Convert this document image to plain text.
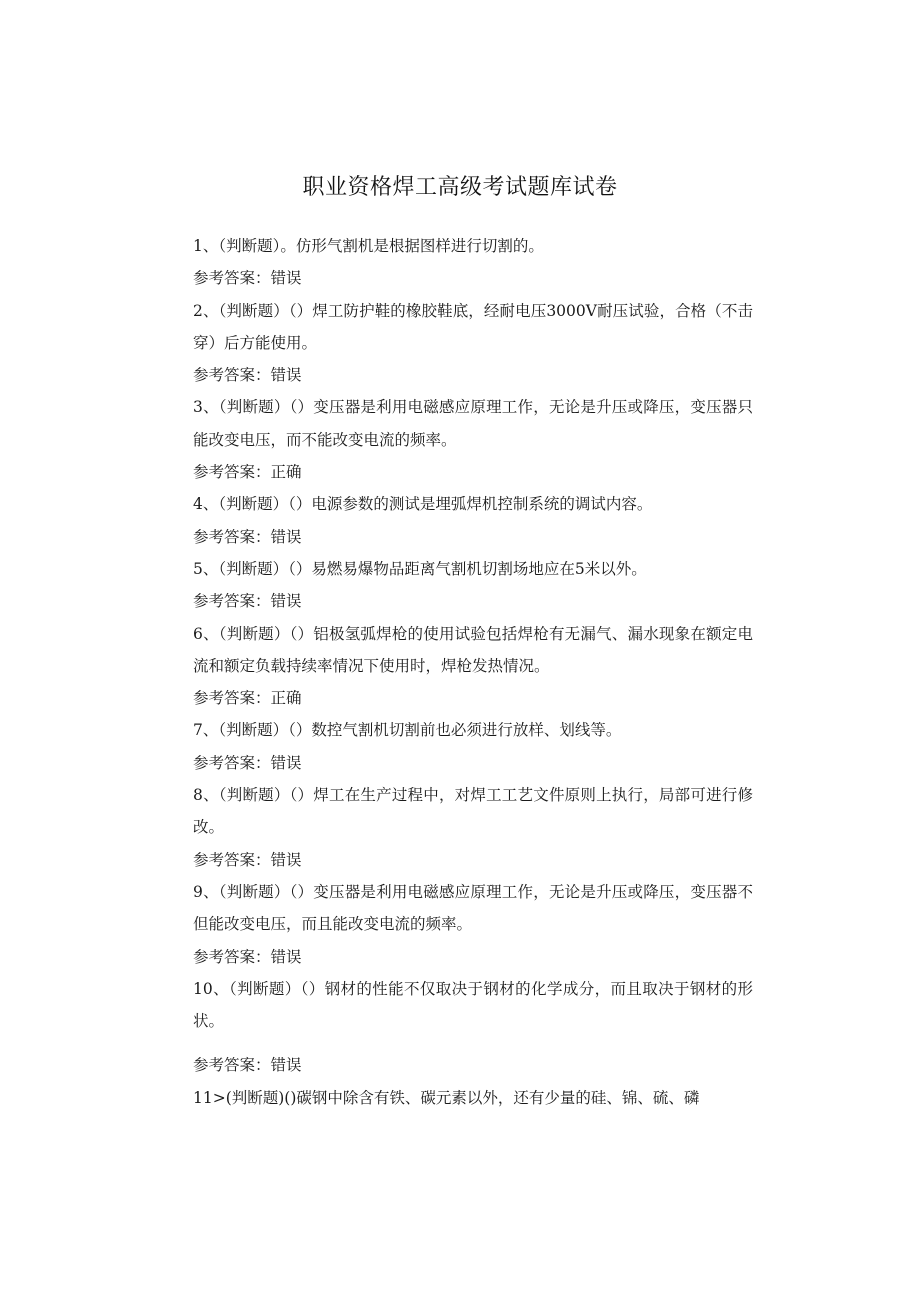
职业资格焊工高级考试题库试卷
1、（判断题）。仿形气割机是根据图样进行切割的。
参考答案：错误
2、（判断题）（）焊工防护鞋的橡胶鞋底，经耐电压3000V耐压试验，合格（不击穿）后方能使用。
参考答案：错误
3、（判断题）（）变压器是利用电磁感应原理工作，无论是升压或降压，变压器只能改变电压，而不能改变电流的频率。
参考答案：正确
4、（判断题）（）电源参数的测试是埋弧焊机控制系统的调试内容。
参考答案：错误
5、（判断题）（）易燃易爆物品距离气割机切割场地应在5米以外。
参考答案：错误
6、（判断题）（）铝极氢弧焊枪的使用试验包括焊枪有无漏气、漏水现象在额定电流和额定负载持续率情况下使用时，焊枪发热情况。
参考答案：正确
7、（判断题）（）数控气割机切割前也必须进行放样、划线等。
参考答案：错误
8、（判断题）（）焊工在生产过程中，对焊工工艺文件原则上执行，局部可进行修改。
参考答案：错误
9、（判断题）（）变压器是利用电磁感应原理工作，无论是升压或降压，变压器不但能改变电压，而且能改变电流的频率。
参考答案：错误
10、（判断题）（）钢材的性能不仅取决于钢材的化学成分，而且取决于钢材的形状。
参考答案：错误
11>(判断题)()碳钢中除含有铁、碳元素以外，还有少量的硅、锦、硫、磷
